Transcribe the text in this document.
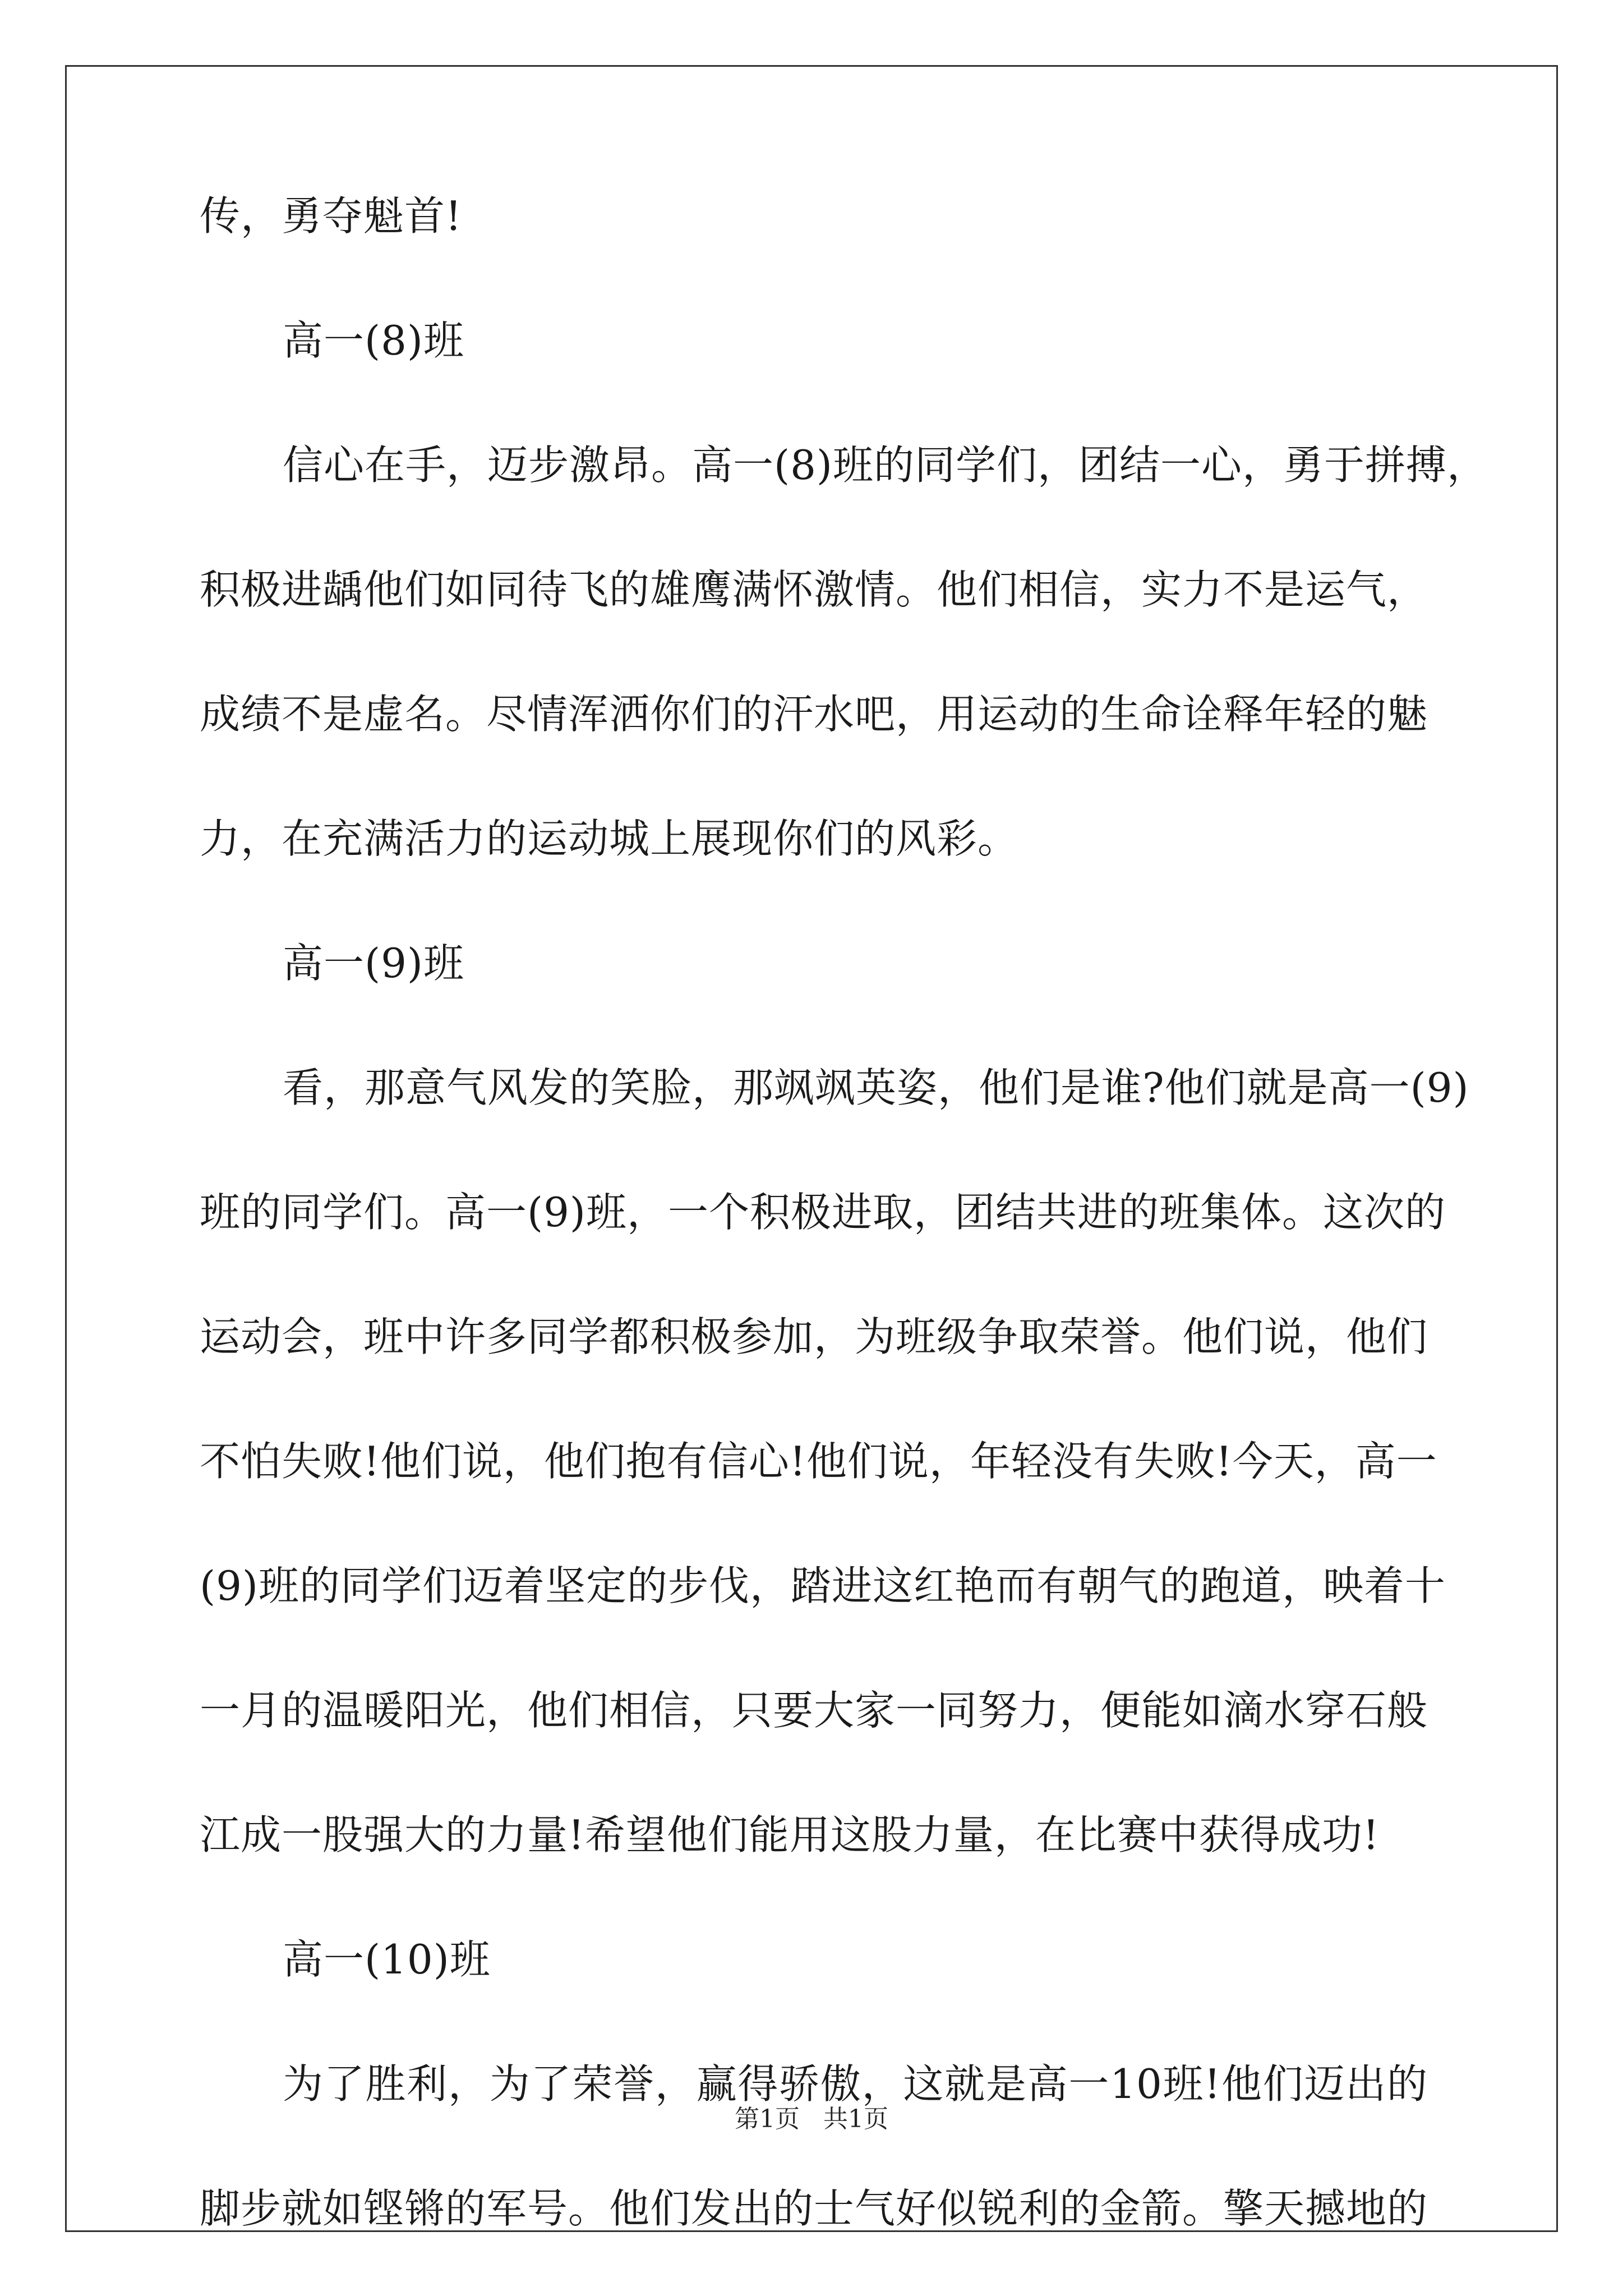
传，勇夺魁首!
高一(8)班
信心在手，迈步激昂。高一(8)班的同学们，团结一心，勇于拼搏，
积极进龋他们如同待飞的雄鹰满怀激情。他们相信，实力不是运气，
成绩不是虚名。尽情浑洒你们的汗水吧，用运动的生命诠释年轻的魅
力，在充满活力的运动城上展现你们的风彩。
高一(9)班
看，那意气风发的笑脸，那飒飒英姿，他们是谁?他们就是高一(9)
班的同学们。高一(9)班，一个积极进取，团结共进的班集体。这次的
运动会，班中许多同学都积极参加，为班级争取荣誉。他们说，他们
不怕失败!他们说，他们抱有信心!他们说，年轻没有失败!今天，高一
(9)班的同学们迈着坚定的步伐，踏进这红艳而有朝气的跑道，映着十
一月的温暖阳光，他们相信，只要大家一同努力，便能如滴水穿石般
江成一股强大的力量!希望他们能用这股力量，在比赛中获得成功!
高一(10)班
为了胜利，为了荣誉，赢得骄傲，这就是高一10班!他们迈出的
脚步就如铿锵的军号。他们发出的士气好似锐利的金箭。擎天撼地的
第1页 共1页
